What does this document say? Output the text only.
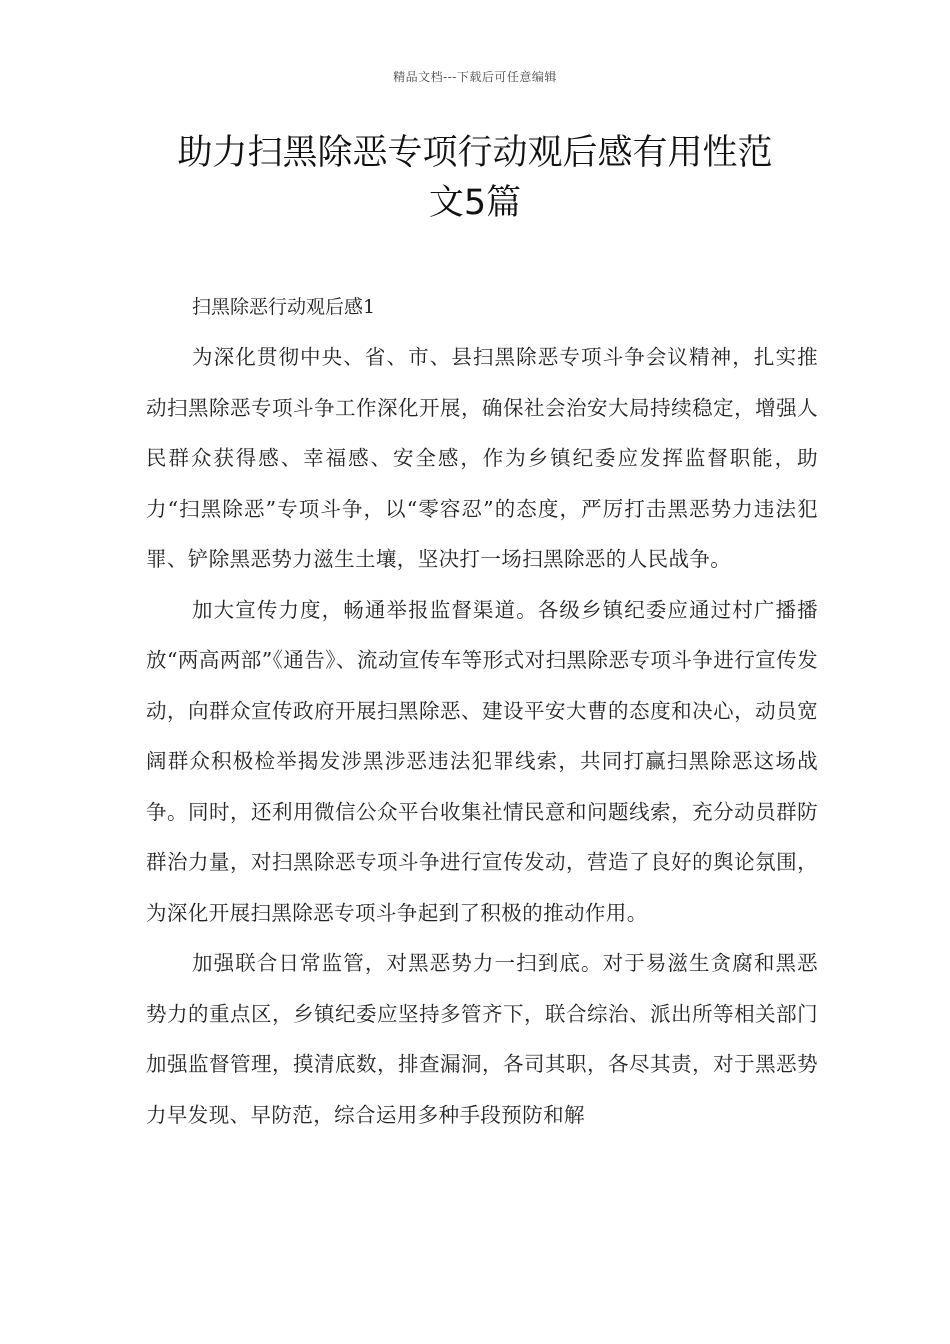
精品文档---下载后可任意编辑
助力扫黑除恶专项行动观后感有用性范
文5篇

扫黑除恶行动观后感1

为深化贯彻中央、省、市、县扫黑除恶专项斗争会议精神，扎实推动扫黑除恶专项斗争工作深化开展，确保社会治安大局持续稳定，增强人民群众获得感、幸福感、安全感，作为乡镇纪委应发挥监督职能，助力“扫黑除恶”专项斗争，以“零容忍”的态度，严厉打击黑恶势力违法犯罪、铲除黑恶势力滋生土壤，坚决打一场扫黑除恶的人民战争。

加大宣传力度，畅通举报监督渠道。各级乡镇纪委应通过村广播播放“两高两部”《通告》、流动宣传车等形式对扫黑除恶专项斗争进行宣传发动，向群众宣传政府开展扫黑除恶、建设平安大曹的态度和决心，动员宽阔群众积极检举揭发涉黑涉恶违法犯罪线索，共同打赢扫黑除恶这场战争。同时，还利用微信公众平台收集社情民意和问题线索，充分动员群防群治力量，对扫黑除恶专项斗争进行宣传发动，营造了良好的舆论氛围，为深化开展扫黑除恶专项斗争起到了积极的推动作用。

加强联合日常监管，对黑恶势力一扫到底。对于易滋生贪腐和黑恶势力的重点区，乡镇纪委应坚持多管齐下，联合综治、派出所等相关部门加强监督管理，摸清底数，排查漏洞，各司其职，各尽其责，对于黑恶势力早发现、早防范，综合运用多种手段预防和解
